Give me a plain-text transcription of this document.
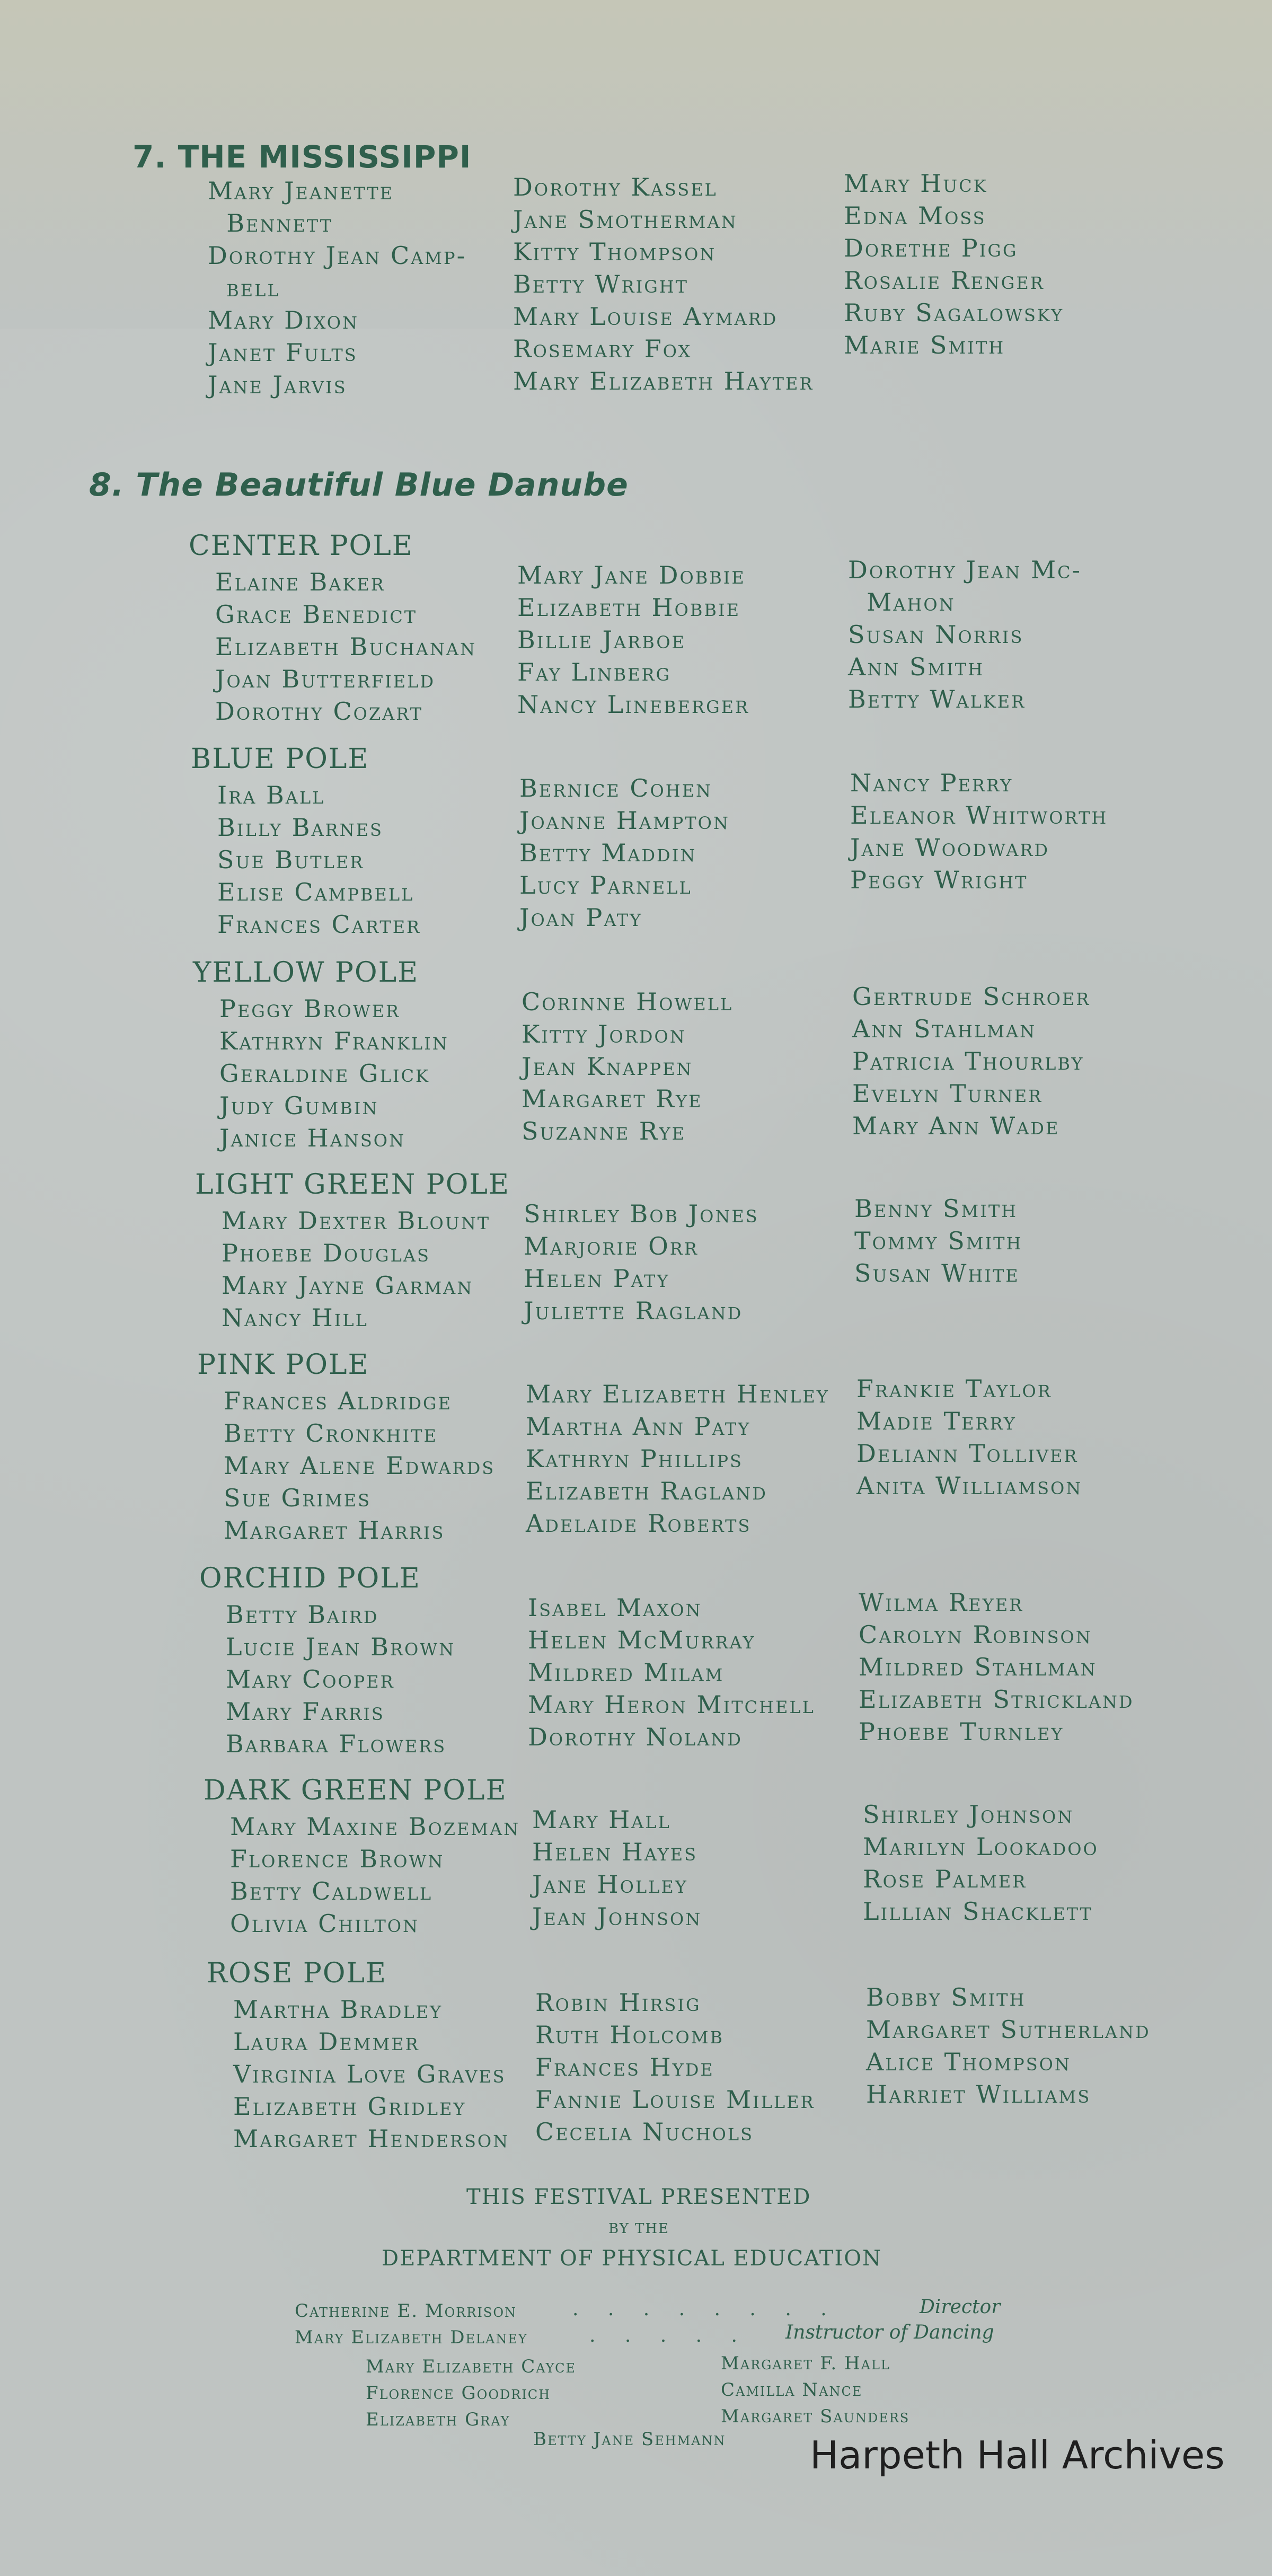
7. THE MISSISSIPPI
Mary Jeanette
Bennett
Dorothy Jean Camp-
bell
Mary Dixon
Janet Fults
Jane Jarvis
Dorothy Kassel
Jane Smotherman
Kitty Thompson
Betty Wright
Mary Louise Aymard
Rosemary Fox
Mary Elizabeth Hayter
Mary Huck
Edna Moss
Dorethe Pigg
Rosalie Renger
Ruby Sagalowsky
Marie Smith
8. The Beautiful Blue Danube
CENTER POLE
Elaine Baker
Grace Benedict
Elizabeth Buchanan
Joan Butterfield
Dorothy Cozart
Mary Jane Dobbie
Elizabeth Hobbie
Billie Jarboe
Fay Linberg
Nancy Lineberger
Dorothy Jean Mc-
Mahon
Susan Norris
Ann Smith
Betty Walker
BLUE POLE
Ira Ball
Billy Barnes
Sue Butler
Elise Campbell
Frances Carter
Bernice Cohen
Joanne Hampton
Betty Maddin
Lucy Parnell
Joan Paty
Nancy Perry
Eleanor Whitworth
Jane Woodward
Peggy Wright
YELLOW POLE
Peggy Brower
Kathryn Franklin
Geraldine Glick
Judy Gumbin
Janice Hanson
Corinne Howell
Kitty Jordon
Jean Knappen
Margaret Rye
Suzanne Rye
Gertrude Schroer
Ann Stahlman
Patricia Thourlby
Evelyn Turner
Mary Ann Wade
LIGHT GREEN POLE
Mary Dexter Blount
Phoebe Douglas
Mary Jayne Garman
Nancy Hill
Shirley Bob Jones
Marjorie Orr
Helen Paty
Juliette Ragland
Benny Smith
Tommy Smith
Susan White
PINK POLE
Frances Aldridge
Betty Cronkhite
Mary Alene Edwards
Sue Grimes
Margaret Harris
Mary Elizabeth Henley
Martha Ann Paty
Kathryn Phillips
Elizabeth Ragland
Adelaide Roberts
Frankie Taylor
Madie Terry
Deliann Tolliver
Anita Williamson
ORCHID POLE
Betty Baird
Lucie Jean Brown
Mary Cooper
Mary Farris
Barbara Flowers
Isabel Maxon
Helen McMurray
Mildred Milam
Mary Heron Mitchell
Dorothy Noland
Wilma Reyer
Carolyn Robinson
Mildred Stahlman
Elizabeth Strickland
Phoebe Turnley
DARK GREEN POLE
Mary Maxine Bozeman
Florence Brown
Betty Caldwell
Olivia Chilton
Mary Hall
Helen Hayes
Jane Holley
Jean Johnson
Shirley Johnson
Marilyn Lookadoo
Rose Palmer
Lillian Shacklett
ROSE POLE
Martha Bradley
Laura Demmer
Virginia Love Graves
Elizabeth Gridley
Margaret Henderson
Robin Hirsig
Ruth Holcomb
Frances Hyde
Fannie Louise Miller
Cecelia Nuchols
Bobby Smith
Margaret Sutherland
Alice Thompson
Harriet Williams
THIS FESTIVAL PRESENTED
BY THE
DEPARTMENT OF PHYSICAL EDUCATION
Catherine E. Morrison	. . . . . . . .	Director
Mary Elizabeth Delaney	. . . . . Instructor of Dancing
Mary Elizabeth Cayce
Florence Goodrich
Elizabeth Gray
Margaret F. Hall
Camilla Nance
Margaret Saunders
Betty Jane Sehmann Harpeth Hall Archives
